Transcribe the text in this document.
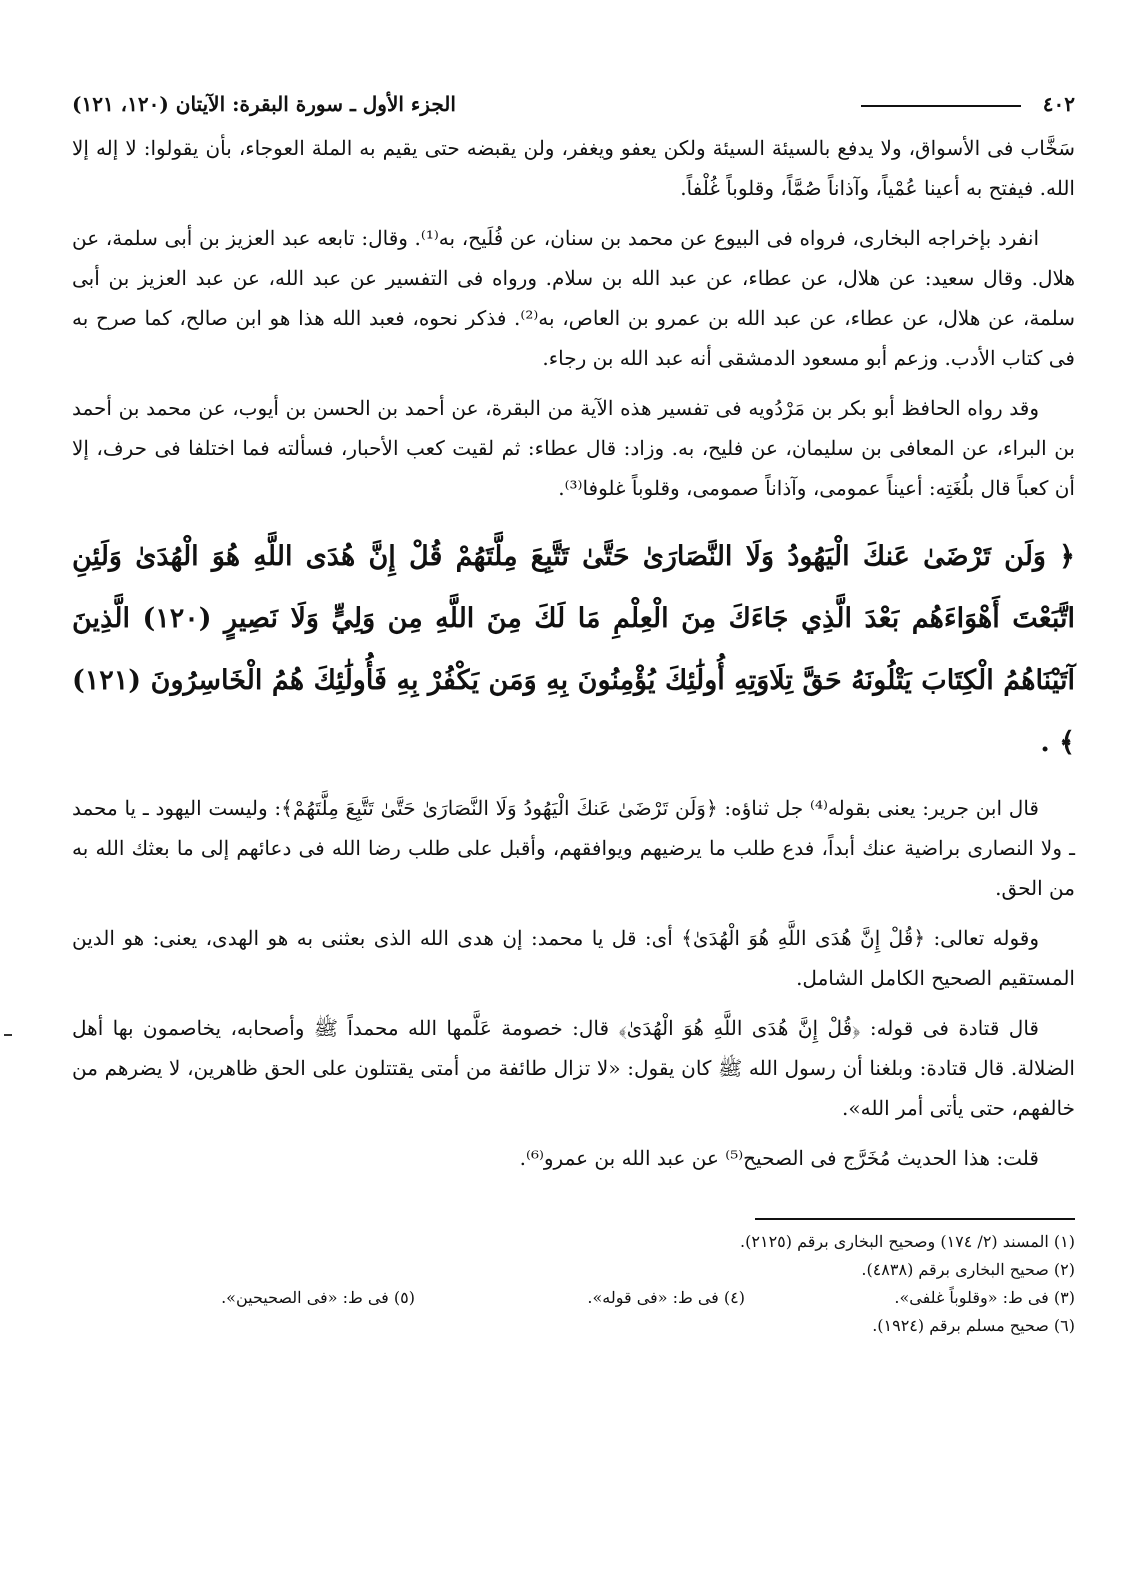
٤٠٢
الجزء الأول ـ سورة البقرة: الآيتان (١٢٠، ١٢١)

سَخَّاب فى الأسواق، ولا يدفع بالسيئة السيئة ولكن يعفو ويغفر، ولن يقبضه حتى يقيم به الملة العوجاء، بأن يقولوا: لا إله إلا الله. فيفتح به أعينا عُمْياً، وآذاناً صُمَّاً، وقلوباً غُلْفاً.

انفرد بإخراجه البخارى، فرواه فى البيوع عن محمد بن سنان، عن فُلَيح، به⁽¹⁾. وقال: تابعه عبد العزيز بن أبى سلمة، عن هلال. وقال سعيد: عن هلال، عن عطاء، عن عبد الله بن سلام. ورواه فى التفسير عن عبد الله، عن عبد العزيز بن أبى سلمة، عن هلال، عن عطاء، عن عبد الله بن عمرو بن العاص، به⁽²⁾. فذكر نحوه، فعبد الله هذا هو ابن صالح، كما صرح به فى كتاب الأدب. وزعم أبو مسعود الدمشقى أنه عبد الله بن رجاء.

وقد رواه الحافظ أبو بكر بن مَرْدُويه فى تفسير هذه الآية من البقرة، عن أحمد بن الحسن بن أيوب، عن محمد بن أحمد بن البراء، عن المعافى بن سليمان، عن فليح، به. وزاد: قال عطاء: ثم لقيت كعب الأحبار، فسألته فما اختلفا فى حرف، إلا أن كعباً قال بلُغَتِه: أعيناً عمومى، وآذاناً صمومى، وقلوباً غلوفا⁽³⁾.

﴿ وَلَن تَرْضَىٰ عَنكَ الْيَهُودُ وَلَا النَّصَارَىٰ حَتَّىٰ تَتَّبِعَ مِلَّتَهُمْ قُلْ إِنَّ هُدَى اللَّهِ هُوَ الْهُدَىٰ وَلَئِنِ اتَّبَعْتَ أَهْوَاءَهُم بَعْدَ الَّذِي جَاءَكَ مِنَ الْعِلْمِ مَا لَكَ مِنَ اللَّهِ مِن وَلِيٍّ وَلَا نَصِيرٍ (١٢٠) الَّذِينَ آتَيْنَاهُمُ الْكِتَابَ يَتْلُونَهُ حَقَّ تِلَاوَتِهِ أُولَٰئِكَ يُؤْمِنُونَ بِهِ وَمَن يَكْفُرْ بِهِ فَأُولَٰئِكَ هُمُ الْخَاسِرُونَ (١٢١) ﴾ .

قال ابن جرير: يعنى بقوله⁽⁴⁾ جل ثناؤه: ﴿وَلَن تَرْضَىٰ عَنكَ الْيَهُودُ وَلَا النَّصَارَىٰ حَتَّىٰ تَتَّبِعَ مِلَّتَهُمْ﴾: وليست اليهود ـ يا محمد ـ ولا النصارى براضية عنك أبداً، فدع طلب ما يرضيهم ويوافقهم، وأقبل على طلب رضا الله فى دعائهم إلى ما بعثك الله به من الحق.

وقوله تعالى: ﴿قُلْ إِنَّ هُدَى اللَّهِ هُوَ الْهُدَىٰ﴾ أى: قل يا محمد: إن هدى الله الذى بعثنى به هو الهدى، يعنى: هو الدين المستقيم الصحيح الكامل الشامل.

قال قتادة فى قوله: ﴿قُلْ إِنَّ هُدَى اللَّهِ هُوَ الْهُدَىٰ﴾ قال: خصومة عَلَّمها الله محمداً ﷺ وأصحابه، يخاصمون بها أهل الضلالة. قال قتادة: وبلغنا أن رسول الله ﷺ كان يقول: «لا تزال طائفة من أمتى يقتتلون على الحق ظاهرين، لا يضرهم من خالفهم، حتى يأتى أمر الله».

قلت: هذا الحديث مُخَرَّج فى الصحيح⁽⁵⁾ عن عبد الله بن عمرو⁽⁶⁾.

(١) المسند (٢/ ١٧٤) وصحيح البخارى برقم (٢١٢٥).
(٢) صحيح البخارى برقم (٤٨٣٨).
(٣) فى ط: «وقلوباً غلفى».
(٤) فى ط: «فى قوله».
(٥) فى ط: «فى الصحيحين».
(٦) صحيح مسلم برقم (١٩٢٤).
